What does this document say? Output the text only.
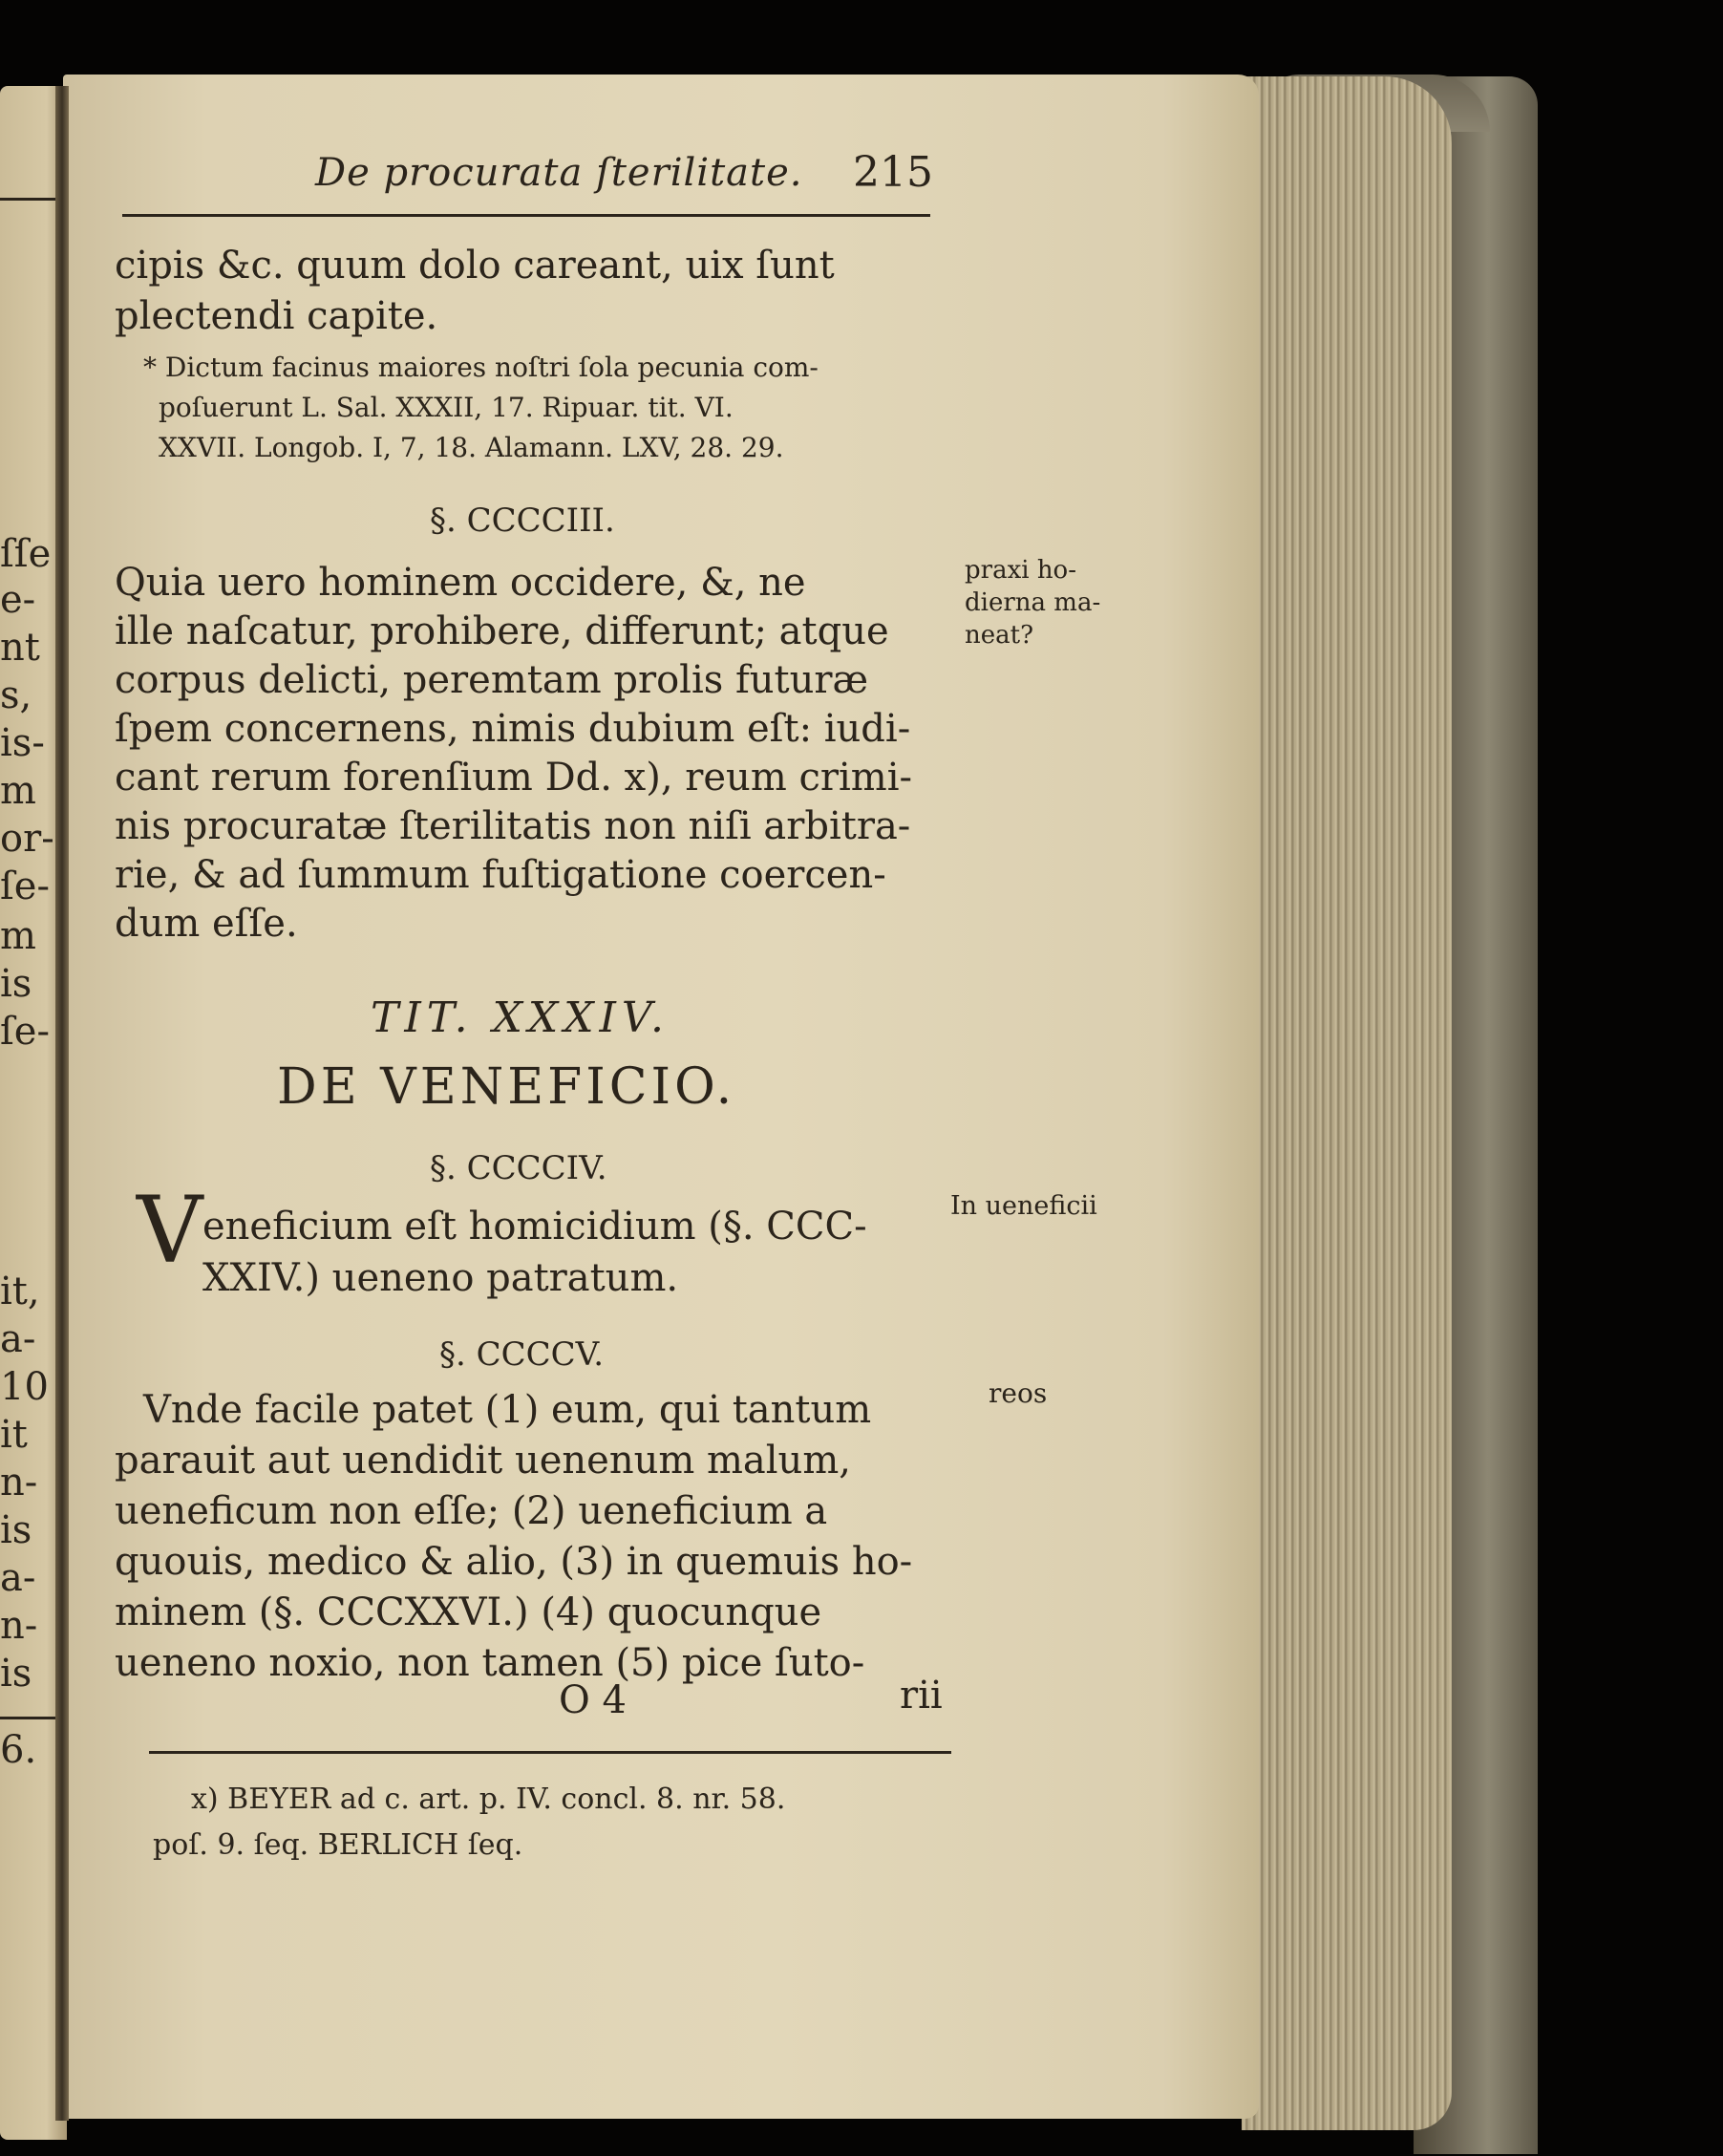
ſſe
e-
nt
s,
is-
m
or-
ſe-
m
is
ſe-
it,
a-
10
it
n-
is
a-
n-
is
6.
De procurata ſterilitate. 215
cipis &c. quum dolo careant, uix ſunt
plectendi capite.
* Dictum facinus maiores noſtri ſola pecunia com-
poſuerunt L. Sal. XXXII, 17. Ripuar. tit. VI.
XXVII. Longob. I, 7, 18. Alamann. LXV, 28. 29.
§. CCCCIII.
Quia uero hominem occidere, &, ne
ille naſcatur, prohibere, differunt; atque
corpus delicti, peremtam prolis futuræ
ſpem concernens, nimis dubium eſt: iudi-
cant rerum forenſium Dd. x), reum crimi-
nis procuratæ ſterilitatis non niſi arbitra-
rie, & ad ſummum fuſtigatione coercen-
dum eſſe.
praxi ho-
dierna ma-
neat?
TIT. XXXIV.
DE VENEFICIO.
§. CCCCIV.
V eneficium eſt homicidium (§. CCC-
XXIV.) ueneno patratum.
In ueneficii
§. CCCCV.
Vnde facile patet (1) eum, qui tantum
parauit aut uendidit uenenum malum,
ueneficum non eſſe; (2) ueneficium a
quouis, medico & alio, (3) in quemuis ho-
minem (§. CCCXXVI.) (4) quocunque
ueneno noxio, non tamen (5) pice ſuto-
reos
O 4	rii
x) BEYER ad c. art. p. IV. concl. 8. nr. 58.
poſ. 9. ſeq. BERLICH ſeq.
